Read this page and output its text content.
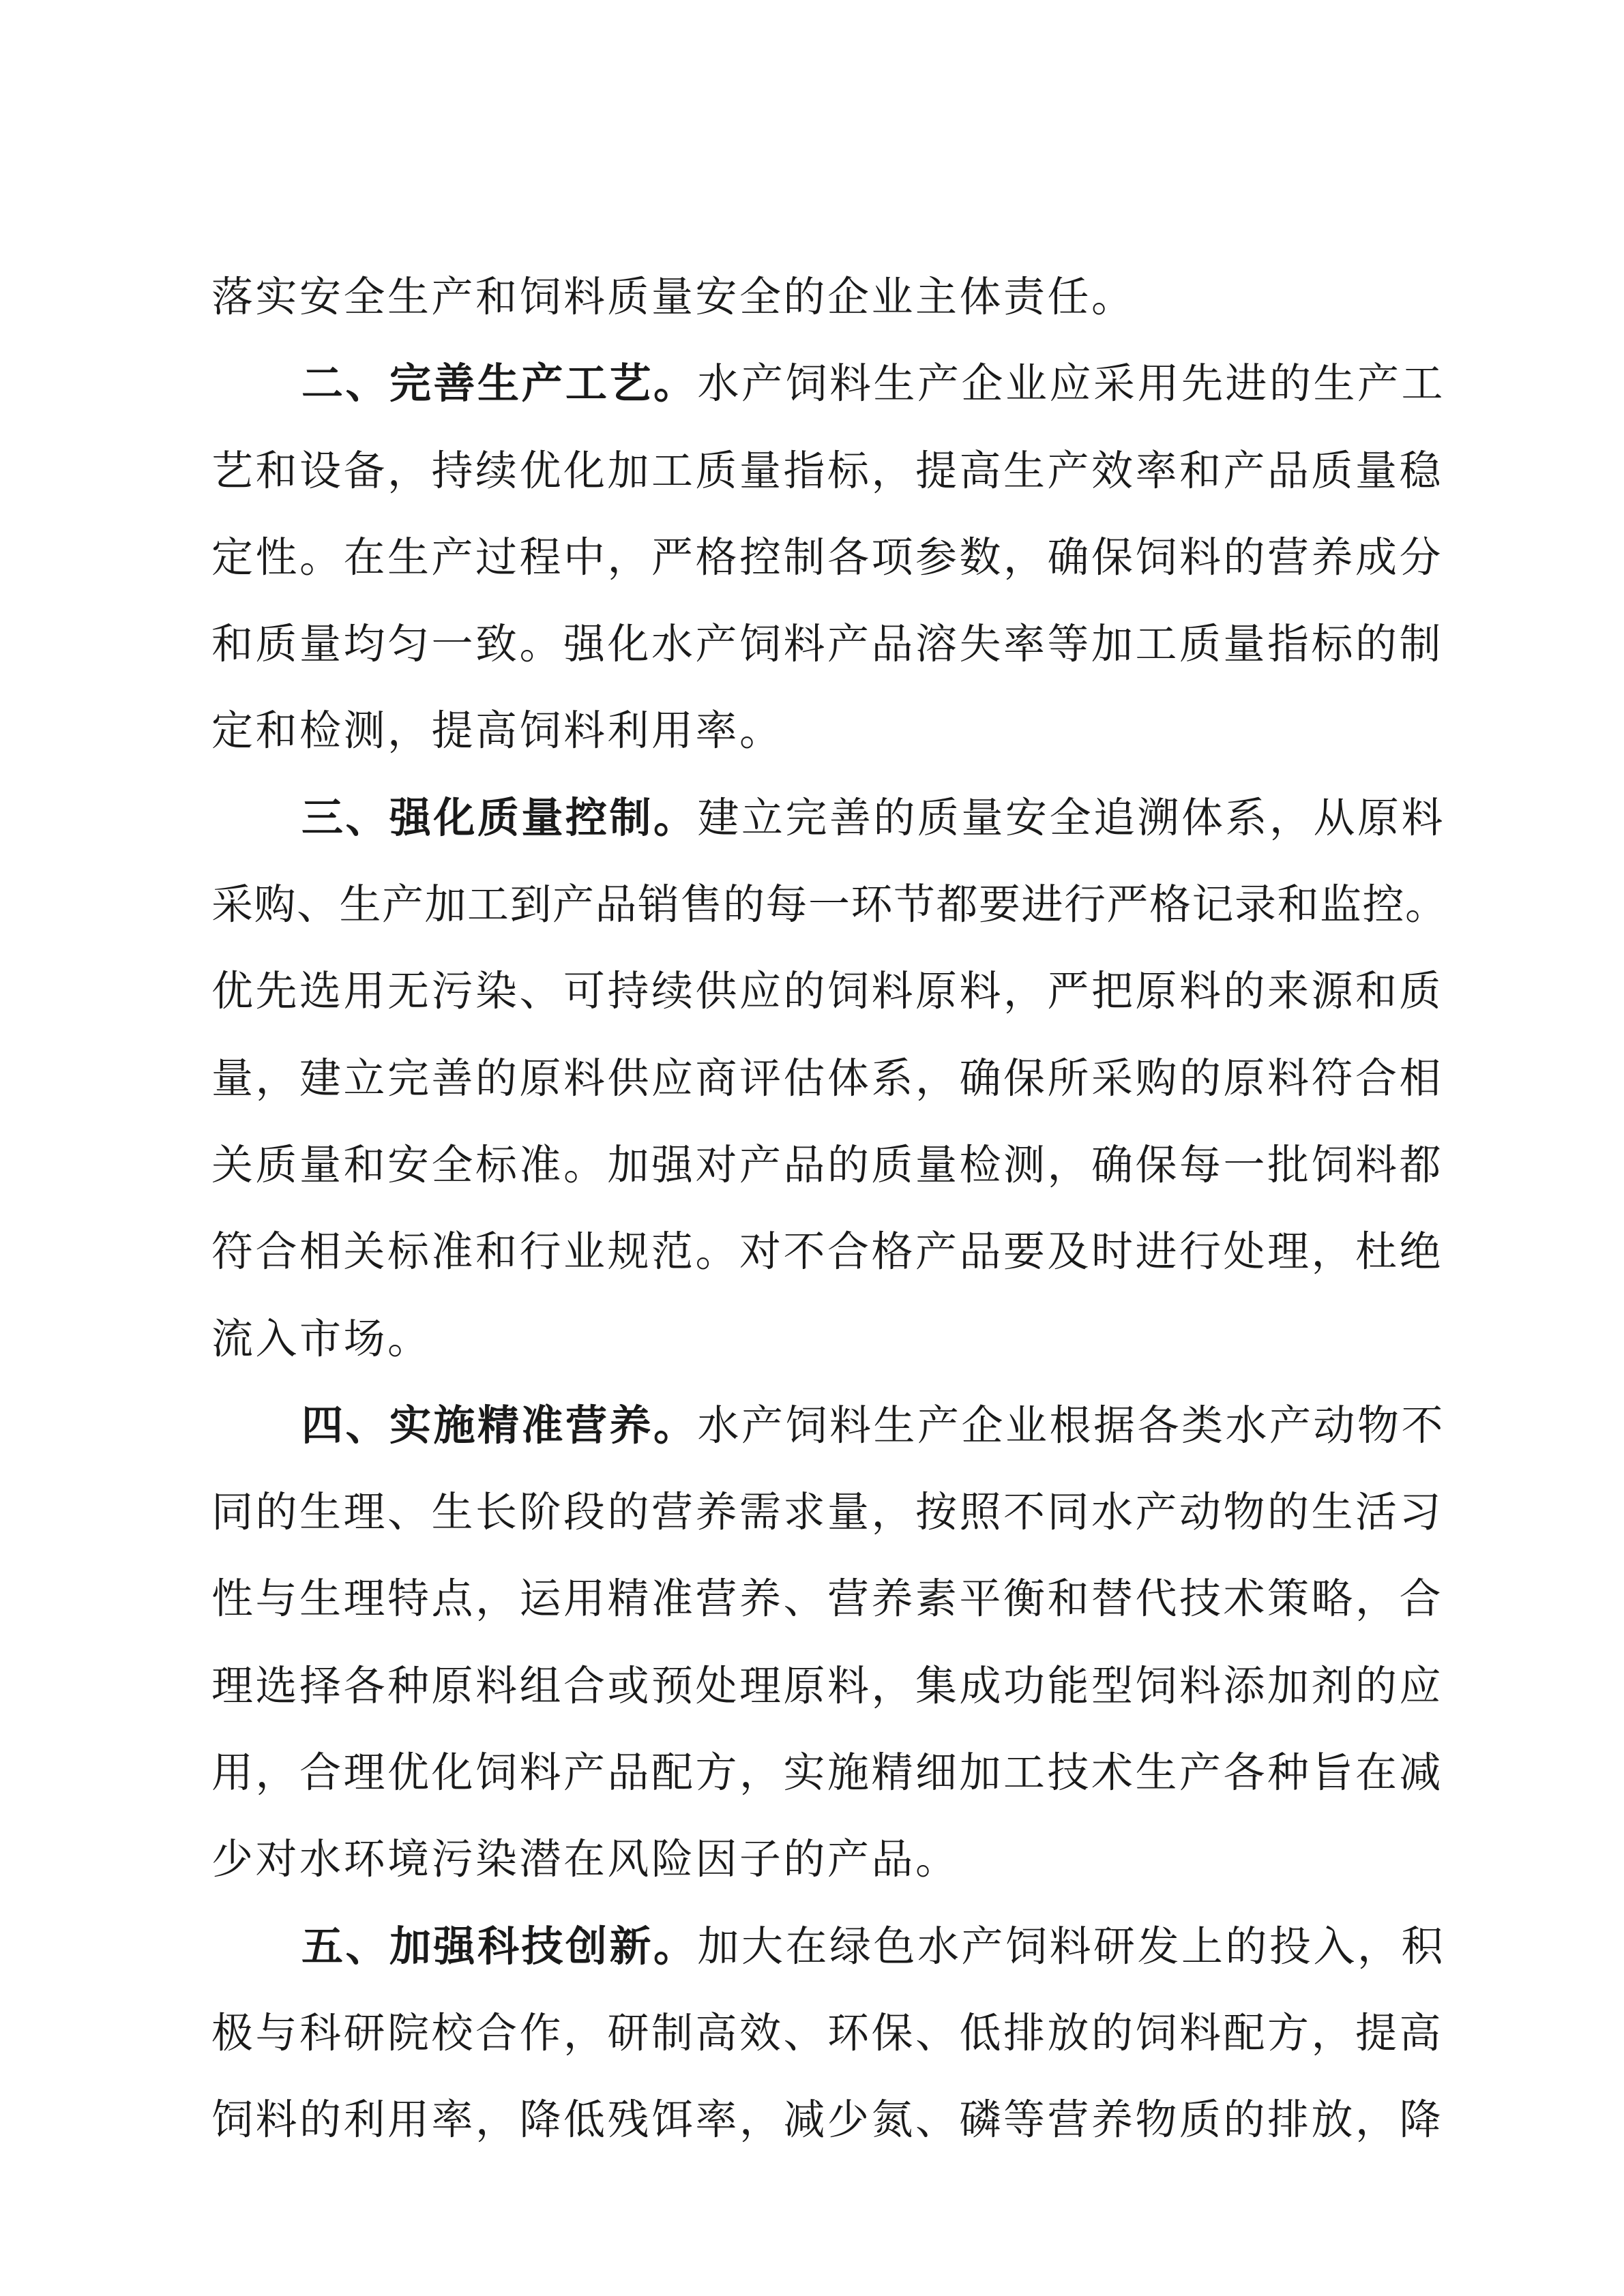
落实安全生产和饲料质量安全的企业主体责任。
二、完善生产工艺。水产饲料生产企业应采用先进的生产工
艺和设备，持续优化加工质量指标，提高生产效率和产品质量稳
定性。在生产过程中，严格控制各项参数，确保饲料的营养成分
和质量均匀一致。强化水产饲料产品溶失率等加工质量指标的制
定和检测，提高饲料利用率。
三、强化质量控制。建立完善的质量安全追溯体系，从原料
采购、生产加工到产品销售的每一环节都要进行严格记录和监控。
优先选用无污染、可持续供应的饲料原料，严把原料的来源和质
量，建立完善的原料供应商评估体系，确保所采购的原料符合相
关质量和安全标准。加强对产品的质量检测，确保每一批饲料都
符合相关标准和行业规范。对不合格产品要及时进行处理，杜绝
流入市场。
四、实施精准营养。水产饲料生产企业根据各类水产动物不
同的生理、生长阶段的营养需求量，按照不同水产动物的生活习
性与生理特点，运用精准营养、营养素平衡和替代技术策略，合
理选择各种原料组合或预处理原料，集成功能型饲料添加剂的应
用，合理优化饲料产品配方，实施精细加工技术生产各种旨在减
少对水环境污染潜在风险因子的产品。
五、加强科技创新。加大在绿色水产饲料研发上的投入，积
极与科研院校合作，研制高效、环保、低排放的饲料配方，提高
饲料的利用率，降低残饵率，减少氮、磷等营养物质的排放，降
